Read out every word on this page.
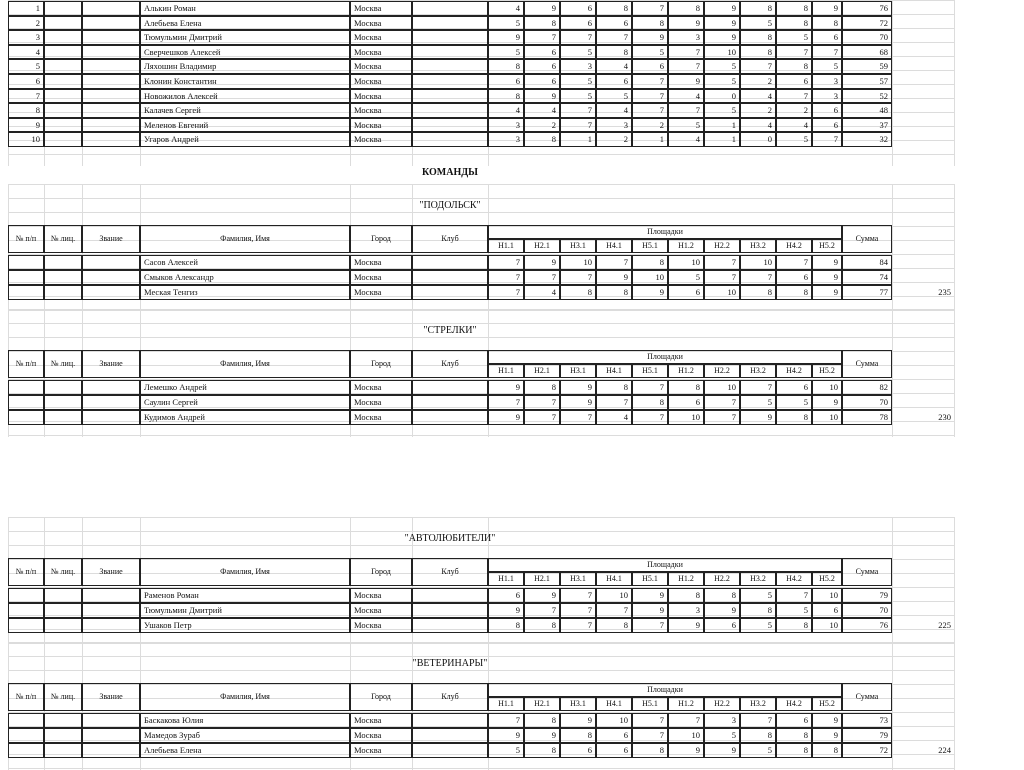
1	Алькин Роман	Москва	4	9	6	8	7	8	9	8	8	9	76
2	Алебьева Елена	Москва	5	8	6	6	8	9	9	5	8	8	72
3	Тюмульмин Дмитрий	Москва	9	7	7	7	9	3	9	8	5	6	70
4	Сверчешков Алексей	Москва	5	6	5	8	5	7	10	8	7	7	68
5	Ляхошин Владимир	Москва	8	6	3	4	6	7	5	7	8	5	59
6	Клонин Константин	Москва	6	6	5	6	7	9	5	2	6	3	57
7	Новожилов Алексей	Москва	8	9	5	5	7	4	0	4	7	3	52
8	Калачев Сергей	Москва	4	4	7	4	7	7	5	2	2	6	48
9	Меленов Евгений	Москва	3	2	7	3	2	5	1	4	4	6	37
10	Угаров Андрей	Москва	3	8	1	2	1	4	1	0	5	7	32
КОМАНДЫ
"ПОДОЛЬСК"
№ п/п	№ лиц.	Звание	Фамилия, Имя	Город	Клуб
Площадки
Н1.1	Н2.1	Н3.1	Н4.1	Н5.1	Н1.2	Н2.2	Н3.2	Н4.2	Н5.2
Сумма
Сасов Алексей	Москва	7	9	10	7	8	10	7	10	7	9	84
Смыков Александр	Москва	7	7	7	9	10	5	7	7	6	9	74
Меская Тенгиз	Москва	7	4	8	8	9	6	10	8	8	9	77	235
"СТРЕЛКИ"
№ п/п	№ лиц.	Звание	Фамилия, Имя	Город	Клуб
Площадки
Н1.1	Н2.1	Н3.1	Н4.1	Н5.1	Н1.2	Н2.2	Н3.2	Н4.2	Н5.2
Сумма
Лемешко Андрей	Москва	9	8	9	8	7	8	10	7	6	10	82
Саулин Сергей	Москва	7	7	9	7	8	6	7	5	5	9	70
Кудимов Андрей	Москва	9	7	7	4	7	10	7	9	8	10	78	230
"АВТОЛЮБИТЕЛИ"
№ п/п	№ лиц.	Звание	Фамилия, Имя	Город	Клуб
Площадки
Н1.1	Н2.1	Н3.1	Н4.1	Н5.1	Н1.2	Н2.2	Н3.2	Н4.2	Н5.2
Сумма
Раменов Роман	Москва	6	9	7	10	9	8	8	5	7	10	79
Тюмульмин Дмитрий	Москва	9	7	7	7	9	3	9	8	5	6	70
Ушаков Петр	Москва	8	8	7	8	7	9	6	5	8	10	76	225
"ВЕТЕРИНАРЫ"
№ п/п	№ лиц.	Звание	Фамилия, Имя	Город	Клуб
Площадки
Н1.1	Н2.1	Н3.1	Н4.1	Н5.1	Н1.2	Н2.2	Н3.2	Н4.2	Н5.2
Сумма
Баскакова Юлия	Москва	7	8	9	10	7	7	3	7	6	9	73
Мамедов Зураб	Москва	9	9	8	6	7	10	5	8	8	9	79
Алебьева Елена	Москва	5	8	6	6	8	9	9	5	8	8	72	224
